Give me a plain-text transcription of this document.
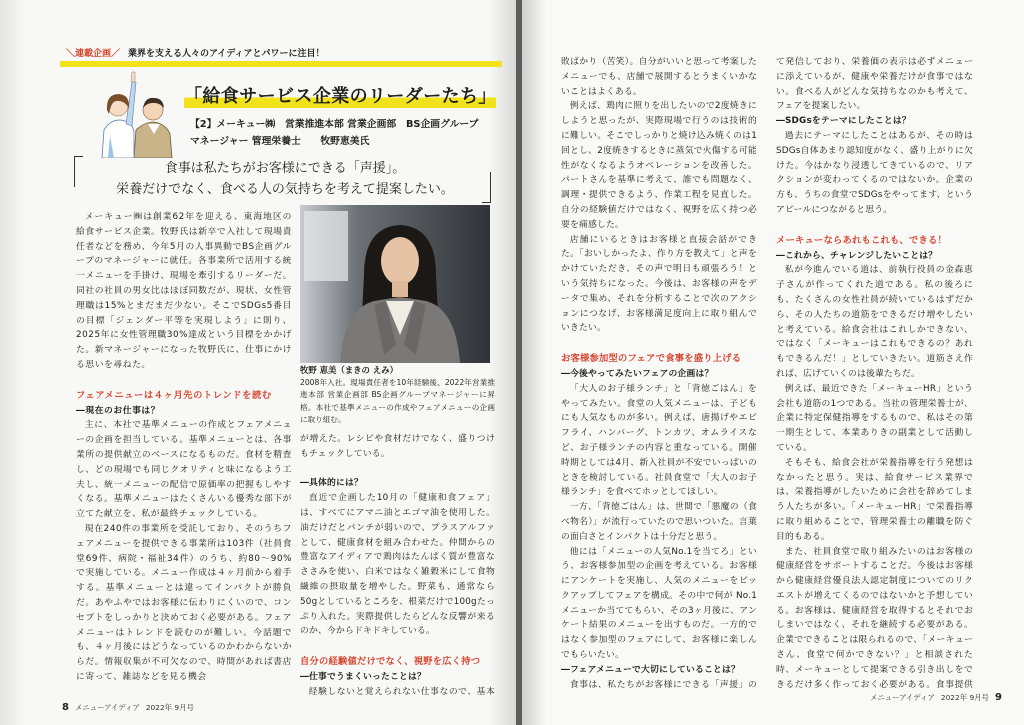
＼連載企画／ 業界を支える人々のアイディアとパワーに注目！
「給食サービス企業のリーダーたち」
【2】メーキュー㈱　営業推進本部 営業企画部　BS企画グループ
マネージャー 管理栄養士　　牧野恵美氏
食事は私たちがお客様にできる「声援」。
栄養だけでなく、食べる人の気持ちを考えて提案したい。
牧野 恵美（まきの えみ）
2008年入社。現場責任者を10年経験後、2022年営業推進本部 営業企画部 BS企画グループマネージャーに昇格。本社で基準メニューの作成やフェアメニューの企画に取り組む。

メーキュー㈱は創業62年を迎える、東海地区の給食サービス企業。牧野氏は新卒で入社して現場責任者などを務め、今年5月の人事異動でBS企画グループのマネージャーに就任。各事業所で活用する統一メニューを手掛け、現場を牽引するリーダーだ。同社の社員の男女比はほぼ同数だが、現状、女性管理職は15%とまだまだ少ない。そこでSDGs5番目の目標「ジェンダー平等を実現しよう」に則り、2025年に女性管理職30%達成という目標をかかげた。新マネージャーになった牧野氏に、仕事にかける思いを尋ねた。

フェアメニューは４ヶ月先のトレンドを読む
―現在のお仕事は？

主に、本社で基準メニューの作成とフェアメニューの企画を担当している。基準メニューとは、各事業所の提供献立のベースになるものだ。食材を精査し、どの現場でも同じクオリティと味になるよう工夫し、統一メニューの配信で原価率の把握もしやすくなる。基準メニューはたくさんいる優秀な部下が立てた献立を、私が最終チェックしている。

現在240件の事業所を受託しており、そのうちフェアメニューを提供できる事業所は103件（社員食堂69件、病院・福祉34件）のうち、約80～90%で実施している。メニュー作成は４ヶ月前から着手する。基準メニューとは違ってインパクトが勝負だ。あやふやではお客様に伝わりにくいので、コンセプトをしっかりと決めておく必要がある。フェアメニューはトレンドを読むのが難しい。今話題でも、４ヶ月後にはどうなっているのかわからないからだ。情報収集が不可欠なので、時間があれば書店に寄って、雑誌などを見る機会

が増えた。レシピや食材だけでなく、盛りつけもチェックしている。

―具体的には？

直近で企画した10月の「健康和食フェア」は、すべてにアマニ油とエゴマ油を使用した。油だけだとパンチが弱いので、プラスアルファとして、健康食材を組み合わせた。仲間からの豊富なアイディアで鶏肉はたんぱく質が豊富なささみを使い、白米ではなく雑穀米にして食物繊維の摂取量を増やした。野菜も、通常なら50gとしているところを、根菜だけで100gたっぷり入れた。実際提供したらどんな反響が来るのか、今からドキドキしている。

自分の経験値だけでなく、視野を広く持つ
―仕事でうまくいったことは？

経験しないと覚えられない仕事なので、基本

敗ばかり（苦笑）。自分がいいと思って考案したメニューでも、店舗で展開するとうまくいかないことはよくある。

例えば、鶏肉に照りを出したいので2度焼きにしようと思ったが、実際現場で行うのは技術的に難しい。そこでしっかりと焼け込み焼くのは1回とし、2度焼きするときに蒸気で火傷する可能性がなくなるようオペレーションを改善した。パートさんを基準に考えて、誰でも問題なく、調理・提供できるよう、作業工程を見直した。自分の経験値だけではなく、視野を広く持つ必要を痛感した。

店舗にいるときはお客様と直接会話ができた。「おいしかったよ、作り方を教えて」と声をかけていただき、その声で明日も頑張ろう！という気持ちになった。今後は、お客様の声をデータで集め、それを分析することで次のアクションにつなげ、お客様満足度向上に取り組んでいきたい。

お客様参加型のフェアで食事を盛り上げる
―今後やってみたいフェアの企画は？

「大人のお子様ランチ」と「背徳ごはん」をやってみたい。食堂の人気メニューは、子どもにも人気なものが多い。例えば、唐揚げやエビフライ、ハンバーグ、トンカツ、オムライスなど、お子様ランチの内容と重なっている。開催時期としては4月、新入社員が不安でいっぱいのときを検討している。社員食堂で「大人のお子様ランチ」を食べてホッとしてほしい。

一方、「背徳ごはん」は、世間で「悪魔の（食べ物名）」が流行っていたので思いついた。言葉の面白さとインパクトは十分だと思う。

他には「メニューの人気No.1を当てろ」という、お客様参加型の企画を考えている。お客様にアンケートを実施し、人気のメニューをピックアップしてフェアを構成。その中で何が No.1メニューか当ててもらい、その3ヶ月後に、アンケート結果のメニューを出すものだ。一方的ではなく参加型のフェアにして、お客様に楽しんでもらいたい。

―フェアメニューで大切にしていることは？

食事は、私たちがお客様にできる「声援」の

て発信しており、栄養価の表示は必ずメニューに添えているが、健康や栄養だけが食事ではない。食べる人がどんな気持ちなのかも考えて、フェアを提案したい。

―SDGsをテーマにしたことは？

過去にテーマにしたことはあるが、その時はSDGs自体あまり認知度がなく、盛り上がりに欠けた。今はかなり浸透してきているので、リアクションが変わってくるのではないか。企業の方も、うちの食堂でSDGsをやってます、というアピールにつながると思う。

メーキューならあれもこれも、できる！
―これから、チャレンジしたいことは？

私が今進んでいる道は、前執行役員の金森恵子さんが作ってくれた道である。私の後ろにも、たくさんの女性社員が続いているはずだから、その人たちの道筋をできるだけ増やしたいと考えている。給食会社はこれしかできない、ではなく「メーキューはこれもできるの？あれもできるんだ！」としていきたい。道筋さえ作れば、広げていくのは後輩たちだ。

例えば、最近できた「メーキューHR」という会社も道筋の1つである。当社の管理栄養士が、企業に特定保健指導をするもので、私はその第一期生として、本業ありきの副業として活動している。

そもそも、給食会社が栄養指導を行う発想はなかったと思う。実は、給食サービス業界では、栄養指導がしたいために会社を辞めてしまう人たちが多い。「メーキューHR」で栄養指導に取り組めることで、管理栄養士の離職を防ぐ目的もある。

また、社員食堂で取り組みたいのはお客様の健康経営をサポートすることだ。今後はお客様から健康経営優良法人認定制度についてのリクエストが増えてくるのではないかと予想している。お客様は、健康経営を取得するとそれでおしまいではなく、それを継続する必要がある。企業でできることは限られるので、「メーキューさん、食堂で何かできない？」と相談された時、メーキューとして提案できる引き出しをできるだけ多く作っておく必要がある。食事提供

8 メニューアイディア 2022年 9月号
メニューアイディア 2022年 9月号 9
